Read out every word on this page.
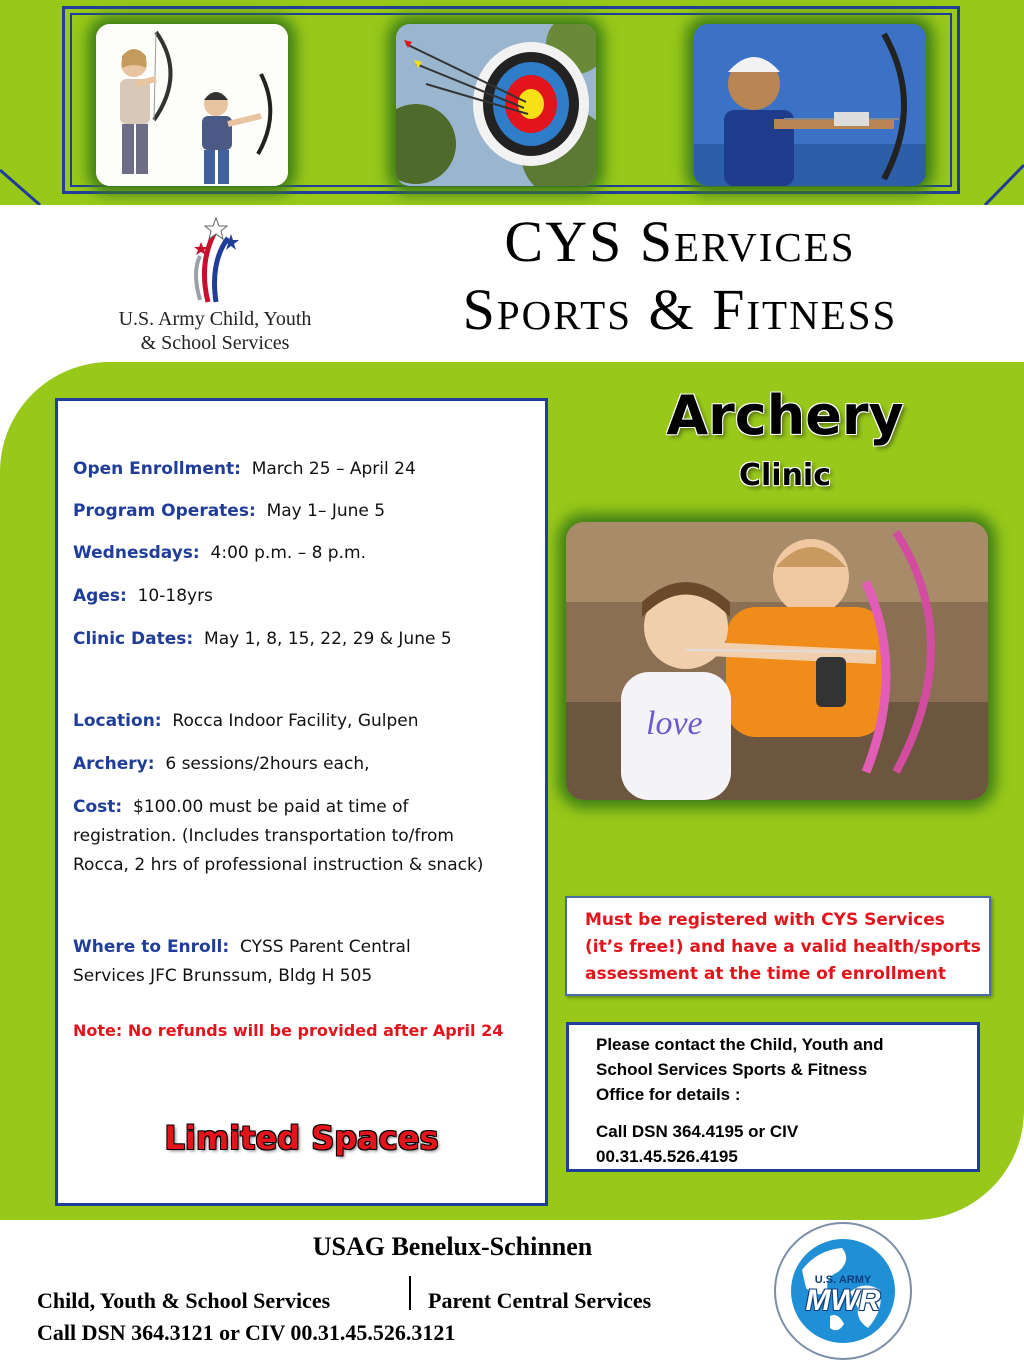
U.S. Army Child, Youth
& School Services
CYS Services
Sports & Fitness
Open Enrollment: March 25 – April 24
Program Operates: May 1– June 5
Wednesdays: 4:00 p.m. – 8 p.m.
Ages: 10-18yrs
Clinic Dates: May 1, 8, 15, 22, 29 & June 5
Location: Rocca Indoor Facility, Gulpen
Archery: 6 sessions/2hours each,
Cost: $100.00 must be paid at time of
registration. (Includes transportation to/from
Rocca, 2 hrs of professional instruction & snack)
Where to Enroll: CYSS Parent Central
Services JFC Brunssum, Bldg H 505
Note: No refunds will be provided after April 24
Limited Spaces
Archery
Clinic
love
Must be registered with CYS Services
(it’s free!) and have a valid health/sports
assessment at the time of enrollment
Please contact the Child, Youth and
School Services Sports & Fitness
Office for details :
Call DSN 364.4195 or CIV
00.31.45.526.4195
USAG Benelux-Schinnen
Child, Youth & School Services	Parent Central Services
Call DSN 364.3121 or CIV 00.31.45.526.3121
U.S. ARMY
MWR
